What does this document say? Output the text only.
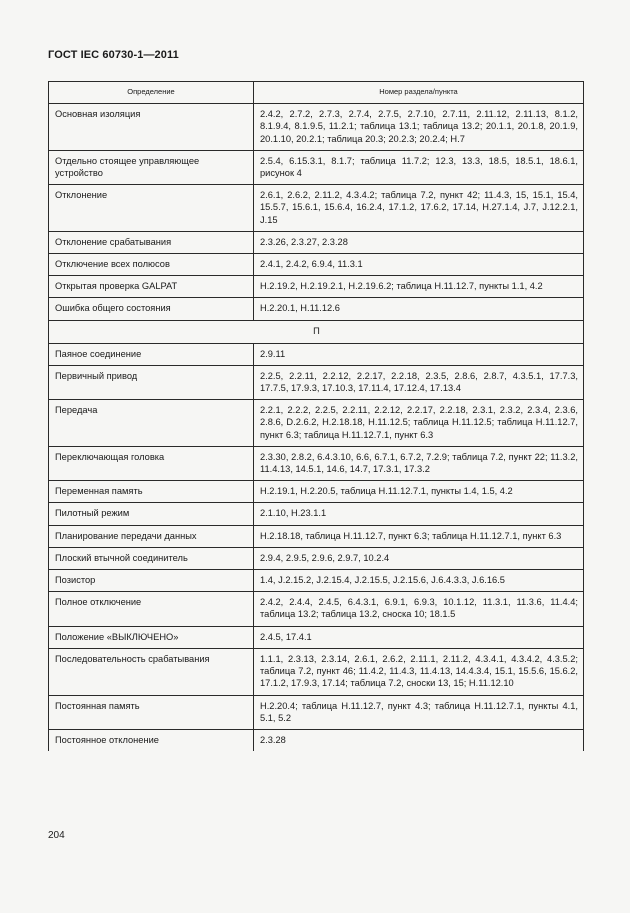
ГОСТ IEC 60730-1—2011
Определение	Номер раздела/пункта
Основная изоляция	2.4.2, 2.7.2, 2.7.3, 2.7.4, 2.7.5, 2.7.10, 2.7.11, 2.11.12, 2.11.13, 8.1.2, 8.1.9.4, 8.1.9.5, 11.2.1; таблица 13.1; таблица 13.2; 20.1.1, 20.1.8, 20.1.9, 20.1.10, 20.2.1; таблица 20.3; 20.2.3; 20.2.4; H.7
Отдельно стоящее управляющее устройство	2.5.4, 6.15.3.1, 8.1.7; таблица 11.7.2; 12.3, 13.3, 18.5, 18.5.1, 18.6.1, рисунок 4
Отклонение	2.6.1, 2.6.2, 2.11.2, 4.3.4.2; таблица 7.2, пункт 42; 11.4.3, 15, 15.1, 15.4, 15.5.7, 15.6.1, 15.6.4, 16.2.4, 17.1.2, 17.6.2, 17.14, H.27.1.4, J.7, J.12.2.1, J.15
Отклонение срабатывания	2.3.26, 2.3.27, 2.3.28
Отключение всех полюсов	2.4.1, 2.4.2, 6.9.4, 11.3.1
Открытая проверка GALPAT	H.2.19.2, H.2.19.2.1, H.2.19.6.2; таблица H.11.12.7, пункты 1.1, 4.2
Ошибка общего состояния	H.2.20.1, H.11.12.6
П	
Паяное соединение	2.9.11
Первичный привод	2.2.5, 2.2.11, 2.2.12, 2.2.17, 2.2.18, 2.3.5, 2.8.6, 2.8.7, 4.3.5.1, 17.7.3, 17.7.5, 17.9.3, 17.10.3, 17.11.4, 17.12.4, 17.13.4
Передача	2.2.1, 2.2.2, 2.2.5, 2.2.11, 2.2.12, 2.2.17, 2.2.18, 2.3.1, 2.3.2, 2.3.4, 2.3.6, 2.8.6, D.2.6.2, H.2.18.18, H.11.12.5; таблица H.11.12.5; таблица H.11.12.7, пункт 6.3; таблица H.11.12.7.1, пункт 6.3
Переключающая головка	2.3.30, 2.8.2, 6.4.3.10, 6.6, 6.7.1, 6.7.2, 7.2.9; таблица 7.2, пункт 22; 11.3.2, 11.4.13, 14.5.1, 14.6, 14.7, 17.3.1, 17.3.2
Переменная память	H.2.19.1, H.2.20.5, таблица H.11.12.7.1, пункты 1.4, 1.5, 4.2
Пилотный режим	2.1.10, H.23.1.1
Планирование передачи данных	H.2.18.18, таблица H.11.12.7, пункт 6.3; таблица H.11.12.7.1, пункт 6.3
Плоский втычной соединитель	2.9.4, 2.9.5, 2.9.6, 2.9.7, 10.2.4
Позистор	1.4, J.2.15.2, J.2.15.4, J.2.15.5, J.2.15.6, J.6.4.3.3, J.6.16.5
Полное отключение	2.4.2, 2.4.4, 2.4.5, 6.4.3.1, 6.9.1, 6.9.3, 10.1.12, 11.3.1, 11.3.6, 11.4.4; таблица 13.2; таблица 13.2, сноска 10; 18.1.5
Положение «ВЫКЛЮЧЕНО»	2.4.5, 17.4.1
Последовательность срабатывания	1.1.1, 2.3.13, 2.3.14, 2.6.1, 2.6.2, 2.11.1, 2.11.2, 4.3.4.1, 4.3.4.2, 4.3.5.2; таблица 7.2, пункт 46; 11.4.2, 11.4.3, 11.4.13, 14.4.3.4, 15.1, 15.5.6, 15.6.2, 17.1.2, 17.9.3, 17.14; таблица 7.2, сноски 13, 15; H.11.12.10
Постоянная память	H.2.20.4; таблица H.11.12.7, пункт 4.3; таблица H.11.12.7.1, пункты 4.1, 5.1, 5.2
Постоянное отклонение	2.3.28
204
